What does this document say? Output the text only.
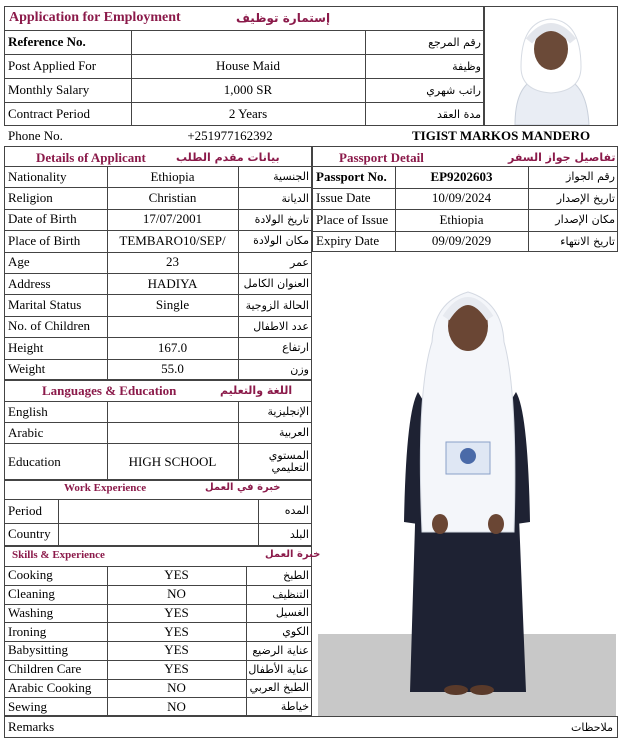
Application for Employment	إستمارة توظيف
Reference No.	رقم المرجع
Post Applied For	House Maid	وظيفة
Monthly Salary	1,000 SR	راتب شهري
Contract Period	2 Years	مدة العقد
Phone No.	+251977162392	TIGIST MARKOS MANDERO
Details of Applicant	بيانات مقدم الطلب
Nationality	Ethiopia	الجنسية
Religion	Christian	الديانة
Date of Birth	17/07/2001	تاريخ الولادة
Place of Birth	TEMBARO10/SEP/	مكان الولادة
Age	23	عمر
Address	HADIYA	العنوان الكامل
Marital Status	Single	الحالة الزوجية
No. of Children	عدد الاطفال
Height	167.0	ارتفاع
Weight	55.0	وزن
Passport Detail	تفاصيل جواز السفر
Passport No.	EP9202603	رقم الجواز
Issue Date	10/09/2024	تاريخ الإصدار
Place of Issue	Ethiopia	مكان الإصدار
Expiry Date	09/09/2029	تاريخ الانتهاء
Languages & Education	اللغة والتعليم
English	الإنجليزية
Arabic	العربية
Education	HIGH SCHOOL	المستوي التعليمي
Work Experience	خبرة في العمل
Period	المده
Country	البلد
Skills & Experience	خبرة العمل
Cooking	YES	الطبخ
Cleaning	NO	التنظيف
Washing	YES	الغسيل
Ironing	YES	الكوي
Babysitting	YES	عناية الرضيع
Children Care	YES	عناية الأطفال
Arabic Cooking	NO	الطبخ العربي
Sewing	NO	خياطة
Remarks	ملاحظات
